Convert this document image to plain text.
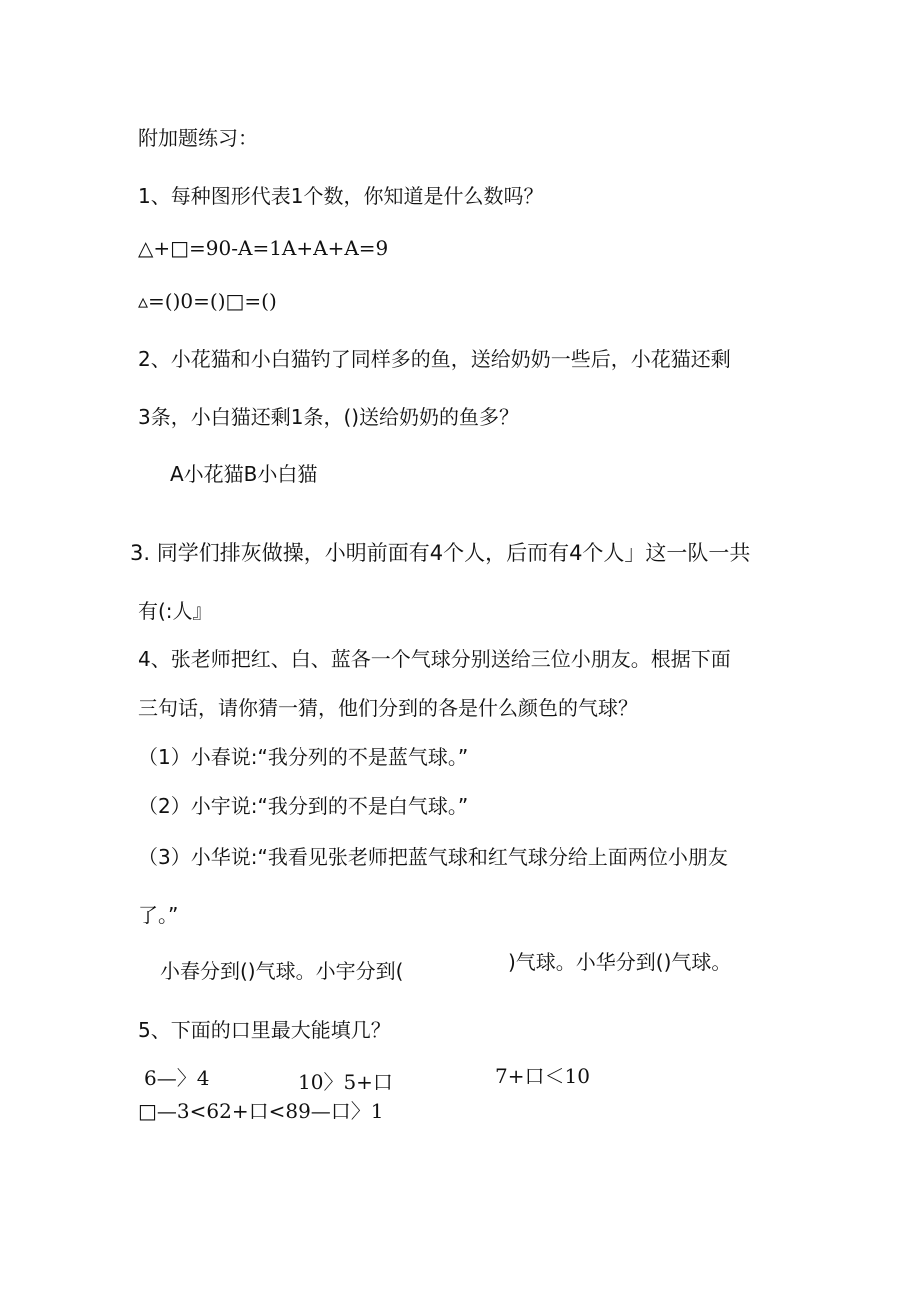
附加题练习：
1、每种图形代表1个数，你知道是什么数吗？
△+□=90-A=1A+A+A=9
▵=()0=()□=()
2、小花猫和小白猫钓了同样多的鱼，送给奶奶一些后，小花猫还剩
3条，小白猫还剩1条，()送给奶奶的鱼多？
A小花猫B小白猫
3. 同学们排灰做操，小明前面有4个人，后而有4个人」这一队一共
有(:人』
4、张老师把红、白、蓝各一个气球分别送给三位小朋友。根据下面
三句话，请你猜一猜，他们分到的各是什么颜色的气球？
（1）小春说:“我分列的不是蓝气球。”
（2）小宇说:“我分到的不是白气球。”
（3）小华说:“我看见张老师把蓝气球和红气球分给上面两位小朋友
了。”
小春分到()气球。小宇分到(	)气球。小华分到()气球。
5、下面的口里最大能填几？
6—〉4	10〉5+口	7+口＜10
□—3<62+口<89—口〉1
